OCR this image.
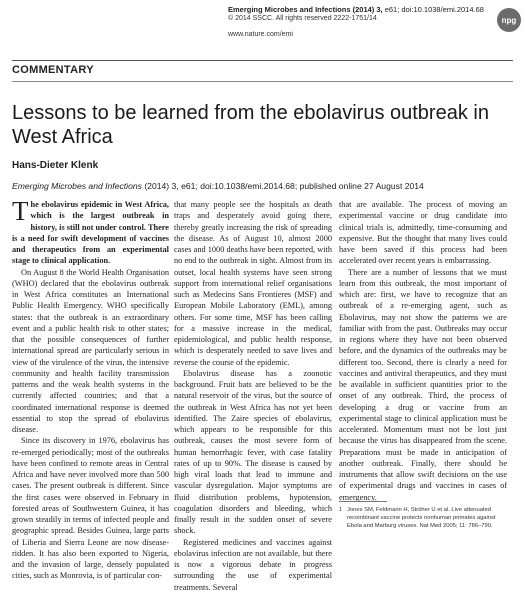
Emerging Microbes and Infections (2014) 3, e61; doi:10.1038/emi.2014.68
© 2014 SSCC. All rights reserved 2222-1751/14
www.nature.com/emi
npg
COMMENTARY
Lessons to be learned from the ebolavirus outbreak in West Africa
Hans-Dieter Klenk
Emerging Microbes and Infections (2014) 3, e61; doi:10.1038/emi.2014.68; published online 27 August 2014

The ebolavirus epidemic in West Africa, which is the largest outbreak in history, is still not under control. There is a need for swift development of vaccines and therapeutics from an experimental stage to clinical application.

On August 8 the World Health Organisation (WHO) declared that the ebolavirus outbreak in West Africa constitutes an International Public Health Emergency. WHO specifically states: that the outbreak is an extraordinary event and a public health risk to other states; that the possible consequences of further international spread are particularly serious in view of the virulence of the virus, the intensive community and health facility transmission patterns and the weak health systems in the currently affected countries; and that a coordinated international response is deemed essential to stop the spread of ebolavirus disease.

Since its discovery in 1976, ebolavirus has re-emerged periodically; most of the outbreaks have been confined to remote areas in Central Africa and have never involved more than 500 cases. The present outbreak is different. Since the first cases were observed in February in forested areas of Southwestern Guinea, it has grown steadily in terms of infected people and geographic spread. Besides Guinea, large parts of Liberia and Sierra Leone are now disease-ridden. It has also been exported to Nigeria, and the invasion of large, densely populated cities, such as Monrovia, is of particular con-

that many people see the hospitals as death traps and desperately avoid going there, thereby greatly increasing the risk of spreading the disease. As of August 10, almost 2000 cases and 1000 deaths have been reported, with no end to the outbreak in sight. Almost from its outset, local health systems have seen strong support from international relief organisations such as Medecins Sans Frontieres (MSF) and European Mobile Laboratory (EML), among others. For some time, MSF has been calling for a massive increase in the medical, epidemiological, and public health response, which is desperately needed to save lives and reverse the course of the epidemic.

Ebolavirus disease has a zoonotic background. Fruit bats are believed to be the natural reservoir of the virus, but the source of the outbreak in West Africa has not yet been identified. The Zaire species of ebolavirus, which appears to be responsible for this outbreak, causes the most severe form of human hemorrhagic fever, with case fatality rates of up to 90%. The disease is caused by high viral loads that lead to immune and vascular dysregulation. Major symptoms are fluid distribution problems, hypotension, coagulation disorders and bleeding, which finally result in the sudden onset of severe shock.

Registered medicines and vaccines against ebolavirus infection are not available, but there is now a vigorous debate in progress surrounding the use of experimental treatments. Several

that are available. The process of moving an experimental vaccine or drug candidate into clinical trials is, admittedly, time-consuming and expensive. But the thought that many lives could have been saved if this process had been accelerated over recent years is embarrassing.

There are a number of lessons that we must learn from this outbreak, the most important of which are: first, we have to recognize that an outbreak of a re-emerging agent, such as Ebolavirus, may not show the patterns we are familiar with from the past. Outbreaks may occur in regions where they have not been observed before, and the dynamics of the outbreaks may be different too. Second, there is clearly a need for vaccines and antiviral therapeutics, and they must be available in sufficient quantities prior to the onset of any outbreak. Third, the process of developing a drug or vaccine from an experimental stage to clinical application must be accelerated. Momentum must not be lost just because the virus has disappeared from the scene. Preparations must be made in anticipation of another outbreak. Finally, there should be instruments that allow swift decisions on the use of experimental drugs and vaccines in cases of emergency.

1 Jones SM, Feldmann H, Ströher U et al. Live attenuated recombinant vaccine protects nonhuman primates against Ebola and Marburg viruses. Nat Med 2005; 11: 786–790.
